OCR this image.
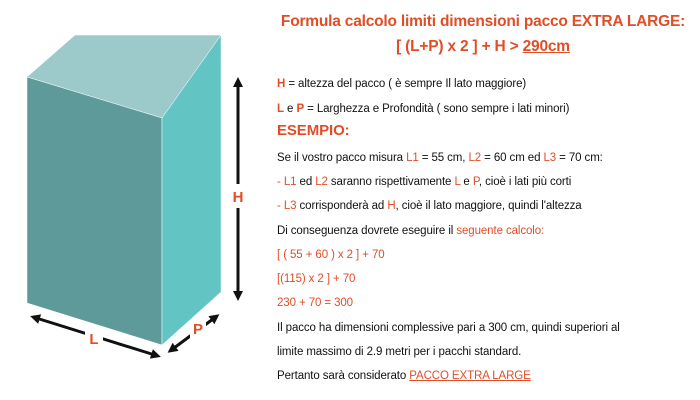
H
L
P
Formula calcolo limiti dimensioni pacco EXTRA LARGE:
[ (L+P) x 2 ] + H > 290cm
H = altezza del pacco ( è sempre Il lato maggiore)
L e P = Larghezza e Profondità ( sono sempre i lati minori)
ESEMPIO:
Se il vostro pacco misura L1 = 55 cm, L2 = 60 cm ed L3 = 70 cm:
- L1 ed L2 saranno rispettivamente L e P, cioè i lati più corti
- L3 corrisponderà ad H, cioè il lato maggiore, quindi l'altezza
Di conseguenza dovrete eseguire il seguente calcolo:
[ ( 55 + 60 ) x 2 ] + 70
[(115) x 2 ] + 70
230 + 70 = 300
Il pacco ha dimensioni complessive pari a 300 cm, quindi superiori al
limite massimo di 2.9 metri per i pacchi standard.
Pertanto sarà considerato PACCO EXTRA LARGE
